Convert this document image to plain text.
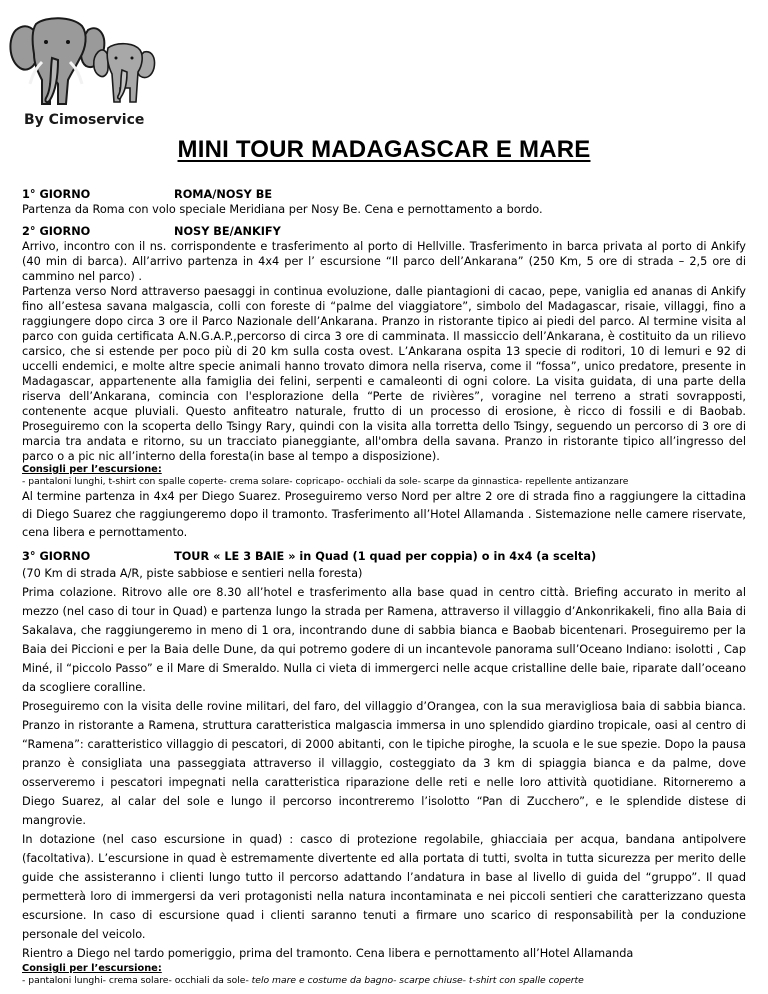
By Cimoservice
MINI TOUR MADAGASCAR E MARE
1° GIORNO	ROMA/NOSY BE

Partenza da Roma con volo speciale Meridiana per Nosy Be. Cena e pernottamento a bordo.

2° GIORNO	NOSY BE/ANKIFY

Arrivo, incontro con il ns. corrispondente e trasferimento al porto di Hellville. Trasferimento in barca privata al porto di Ankify (40 min di barca). All’arrivo partenza in 4x4 per l’ escursione “Il parco dell’Ankarana” (250 Km, 5 ore di strada – 2,5 ore di cammino nel parco) .

Partenza verso Nord attraverso paesaggi in continua evoluzione, dalle piantagioni di cacao, pepe, vaniglia ed ananas di Ankify fino all’estesa savana malgascia, colli con foreste di “palme del viaggiatore”, simbolo del Madagascar, risaie, villaggi, fino a raggiungere dopo circa 3 ore il Parco Nazionale dell’Ankarana. Pranzo in ristorante tipico ai piedi del parco. Al termine visita al parco con guida certificata A.N.G.A.P.,percorso di circa 3 ore di camminata. Il massiccio dell’Ankarana, è costituito da un rilievo carsico, che si estende per poco più di 20 km sulla costa ovest. L’Ankarana ospita 13 specie di roditori, 10 di lemuri e 92 di uccelli endemici, e molte altre specie animali hanno trovato dimora nella riserva, come il “fossa”, unico predatore, presente in Madagascar, appartenente alla famiglia dei felini, serpenti e camaleonti di ogni colore. La visita guidata, di una parte della riserva dell’Ankarana, comincia con l'esplorazione della “Perte de rivières”, voragine nel terreno a strati sovrapposti, contenente acque pluviali. Questo anfiteatro naturale, frutto di un processo di erosione, è ricco di fossili e di Baobab. Proseguiremo con la scoperta dello Tsingy Rary, quindi con la visita alla torretta dello Tsingy, seguendo un percorso di 3 ore di marcia tra andata e ritorno, su un tracciato pianeggiante, all'ombra della savana. Pranzo in ristorante tipico all’ingresso del parco o a pic nic all’interno della foresta(in base al tempo a disposizione).

Consigli per l’escursione:
- pantaloni lunghi, t-shirt con spalle coperte- crema solare- copricapo- occhiali da sole- scarpe da ginnastica- repellente antizanzare

Al termine partenza in 4x4 per Diego Suarez. Proseguiremo verso Nord per altre 2 ore di strada fino a raggiungere la cittadina di Diego Suarez che raggiungeremo dopo il tramonto. Trasferimento all’Hotel Allamanda . Sistemazione nelle camere riservate, cena libera e pernottamento.

3° GIORNO	TOUR « LE 3 BAIE » in Quad (1 quad per coppia) o in 4x4 (a scelta)

(70 Km di strada A/R, piste sabbiose e sentieri nella foresta)

Prima colazione. Ritrovo alle ore 8.30 all’hotel e trasferimento alla base quad in centro città. Briefing accurato in merito al mezzo (nel caso di tour in Quad) e partenza lungo la strada per Ramena, attraverso il villaggio d’Ankonrikakeli, fino alla Baia di Sakalava, che raggiungeremo in meno di 1 ora, incontrando dune di sabbia bianca e Baobab bicentenari. Proseguiremo per la Baia dei Piccioni e per la Baia delle Dune, da qui potremo godere di un incantevole panorama sull’Oceano Indiano: isolotti , Cap Miné, il “piccolo Passo” e il Mare di Smeraldo. Nulla ci vieta di immergerci nelle acque cristalline delle baie, riparate dall’oceano da scogliere coralline.

Proseguiremo con la visita delle rovine militari, del faro, del villaggio d’Orangea, con la sua meravigliosa baia di sabbia bianca. Pranzo in ristorante a Ramena, struttura caratteristica malgascia immersa in uno splendido giardino tropicale, oasi al centro di “Ramena”: caratteristico villaggio di pescatori, di 2000 abitanti, con le tipiche piroghe, la scuola e le sue spezie. Dopo la pausa pranzo è consigliata una passeggiata attraverso il villaggio, costeggiato da 3 km di spiaggia bianca e da palme, dove osserveremo i pescatori impegnati nella caratteristica riparazione delle reti e nelle loro attività quotidiane. Ritorneremo a Diego Suarez, al calar del sole e lungo il percorso incontreremo l’isolotto “Pan di Zucchero”, e le splendide distese di mangrovie.

In dotazione (nel caso escursione in quad) : casco di protezione regolabile, ghiacciaia per acqua, bandana antipolvere (facoltativa). L’escursione in quad è estremamente divertente ed alla portata di tutti, svolta in tutta sicurezza per merito delle guide che assisteranno i clienti lungo tutto il percorso adattando l’andatura in base al livello di guida del “gruppo”. Il quad permetterà loro di immergersi da veri protagonisti nella natura incontaminata e nei piccoli sentieri che caratterizzano questa escursione. In caso di escursione quad i clienti saranno tenuti a firmare uno scarico di responsabilità per la conduzione personale del veicolo.

Rientro a Diego nel tardo pomeriggio, prima del tramonto. Cena libera e pernottamento all’Hotel Allamanda

Consigli per l’escursione:
- pantaloni lunghi- crema solare- occhiali da sole- telo mare e costume da bagno- scarpe chiuse- t-shirt con spalle coperte
